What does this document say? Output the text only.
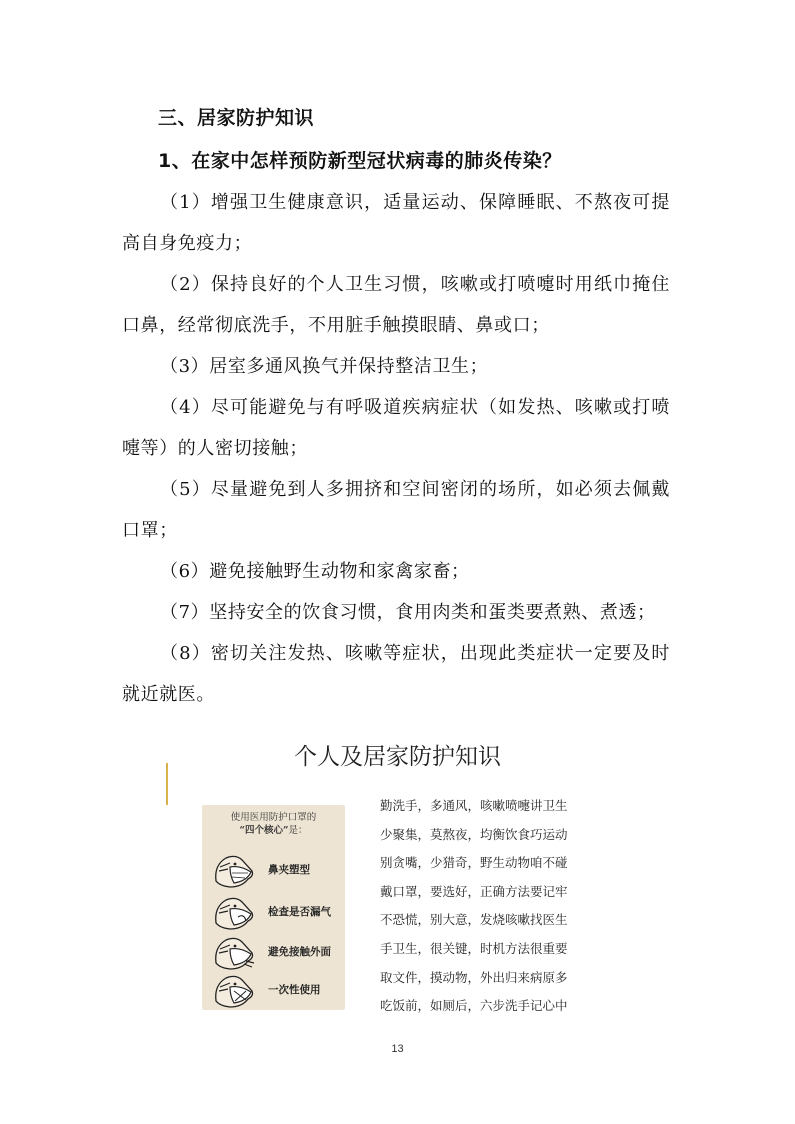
三、居家防护知识
1、在家中怎样预防新型冠状病毒的肺炎传染？
（1）增强卫生健康意识，适量运动、保障睡眠、不熬夜可提高自身免疫力；
（2）保持良好的个人卫生习惯，咳嗽或打喷嚏时用纸巾掩住口鼻，经常彻底洗手，不用脏手触摸眼睛、鼻或口；
（3）居室多通风换气并保持整洁卫生；
（4）尽可能避免与有呼吸道疾病症状（如发热、咳嗽或打喷嚏等）的人密切接触；
（5）尽量避免到人多拥挤和空间密闭的场所，如必须去佩戴口罩；
（6）避免接触野生动物和家禽家畜；
（7）坚持安全的饮食习惯，食用肉类和蛋类要煮熟、煮透；
（8）密切关注发热、咳嗽等症状，出现此类症状一定要及时就近就医。
个人及居家防护知识
使用医用防护口罩的
“四个核心”是：
鼻夹塑型
检查是否漏气
避免接触外面
一次性使用
勤洗手，多通风，咳嗽喷嚏讲卫生
少聚集，莫熬夜，均衡饮食巧运动
别贪嘴，少猎奇，野生动物咱不碰
戴口罩，要选好，正确方法要记牢
不恐慌，别大意，发烧咳嗽找医生
手卫生，很关键，时机方法很重要
取文件，摸动物，外出归来病原多
吃饭前，如厕后，六步洗手记心中
13
